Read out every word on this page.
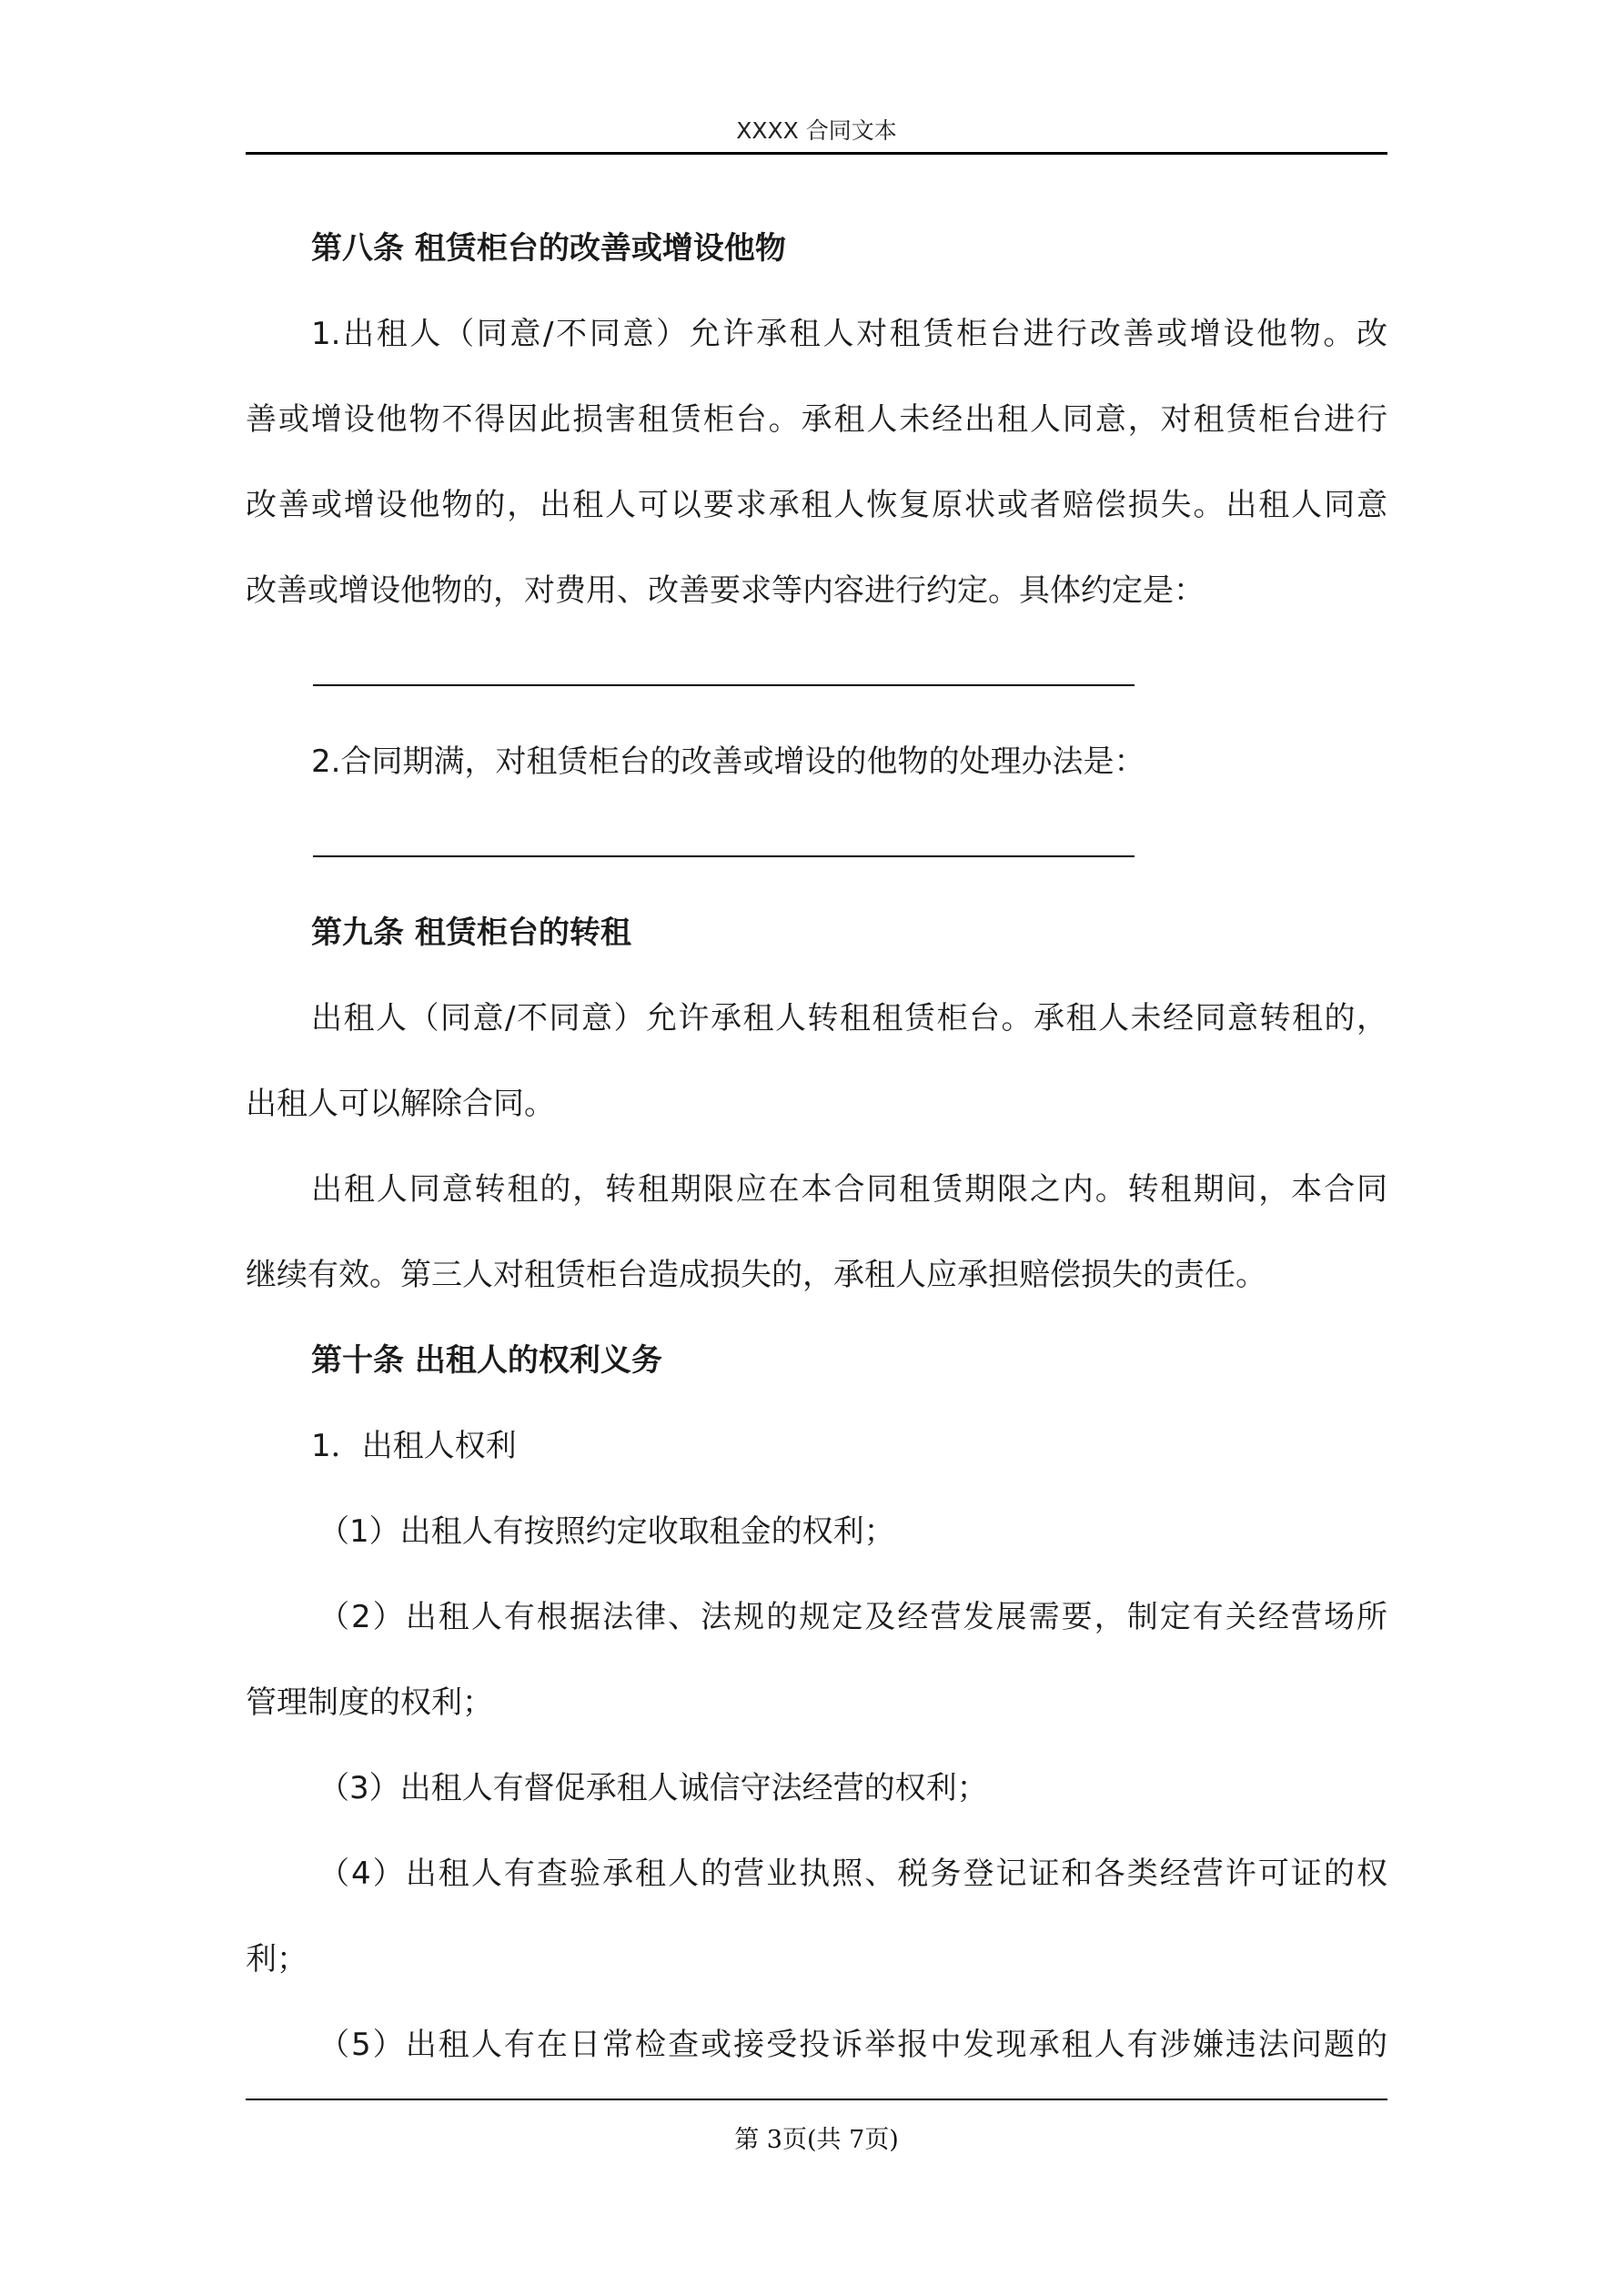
XXXX 合同文本
第八条 租赁柜台的改善或增设他物
1.出租人（同意/不同意）允许承租人对租赁柜台进行改善或增设他物。改
善或增设他物不得因此损害租赁柜台。承租人未经出租人同意，对租赁柜台进行
改善或增设他物的，出租人可以要求承租人恢复原状或者赔偿损失。出租人同意
改善或增设他物的，对费用、改善要求等内容进行约定。具体约定是：
2.合同期满，对租赁柜台的改善或增设的他物的处理办法是：
第九条 租赁柜台的转租
出租人（同意/不同意）允许承租人转租租赁柜台。承租人未经同意转租的，
出租人可以解除合同。
出租人同意转租的，转租期限应在本合同租赁期限之内。转租期间，本合同
继续有效。第三人对租赁柜台造成损失的，承租人应承担赔偿损失的责任。
第十条 出租人的权利义务
1．出租人权利
（1）出租人有按照约定收取租金的权利；
（2）出租人有根据法律、法规的规定及经营发展需要，制定有关经营场所
管理制度的权利；
（3）出租人有督促承租人诚信守法经营的权利；
（4）出租人有查验承租人的营业执照、税务登记证和各类经营许可证的权
利；
（5）出租人有在日常检查或接受投诉举报中发现承租人有涉嫌违法问题的
第 3页(共 7页)
